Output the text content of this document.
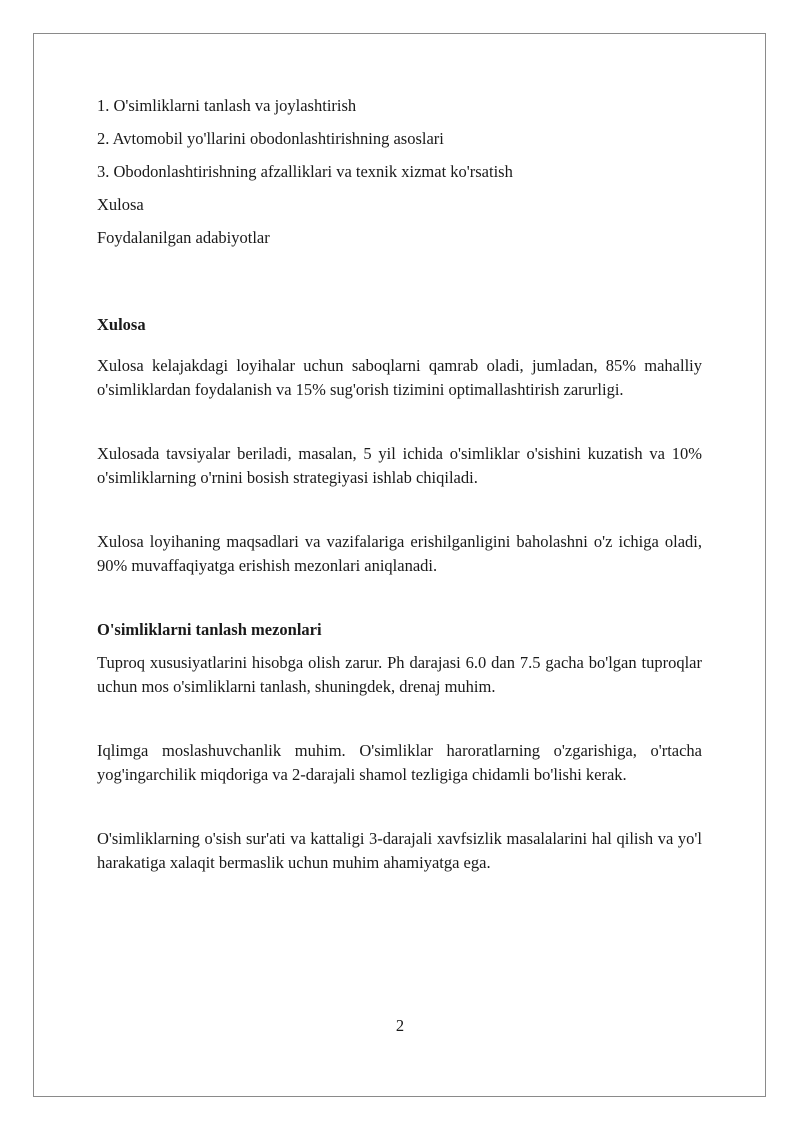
1. O'simliklarni tanlash va joylashtirish
2. Avtomobil yo'llarini obodonlashtirishning asoslari
3. Obodonlashtirishning afzalliklari va texnik xizmat ko'rsatish
Xulosa
Foydalanilgan adabiyotlar
Xulosa

Xulosa kelajakdagi loyihalar uchun saboqlarni qamrab oladi, jumladan, 85% mahalliy o'simliklardan foydalanish va 15% sug'orish tizimini optimallashtirish zarurligi.

Xulosada tavsiyalar beriladi, masalan, 5 yil ichida o'simliklar o'sishini kuzatish va 10% o'simliklarning o'rnini bosish strategiyasi ishlab chiqiladi.

Xulosa loyihaning maqsadlari va vazifalariga erishilganligini baholashni o'z ichiga oladi, 90% muvaffaqiyatga erishish mezonlari aniqlanadi.

O'simliklarni tanlash mezonlari

Tuproq xususiyatlarini hisobga olish zarur. Ph darajasi 6.0 dan 7.5 gacha bo'lgan tuproqlar uchun mos o'simliklarni tanlash, shuningdek, drenaj muhim.

Iqlimga moslashuvchanlik muhim. O'simliklar haroratlarning o'zgarishiga, o'rtacha yog'ingarchilik miqdoriga va 2-darajali shamol tezligiga chidamli bo'lishi kerak.

O'simliklarning o'sish sur'ati va kattaligi 3-darajali xavfsizlik masalalarini hal qilish va yo'l harakatiga xalaqit bermaslik uchun muhim ahamiyatga ega.

2
